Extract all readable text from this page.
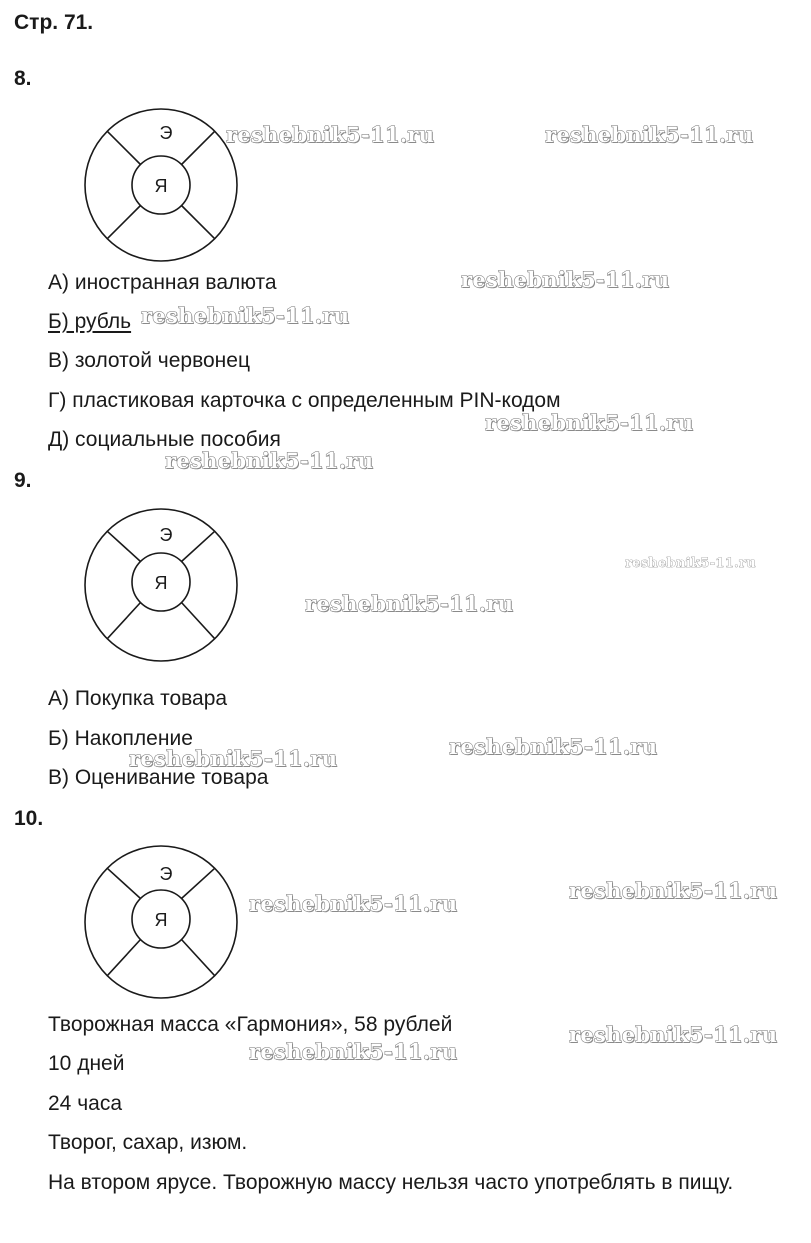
Стр. 71.
8.
Э
Я
А) иностранная валюта
Б) рубль
В) золотой червонец
Г) пластиковая карточка с определенным PIN-кодом
Д) социальные пособия
9.
Э
Я
А) Покупка товара
Б) Накопление
В) Оценивание товара
10.
Э
Я
Творожная масса «Гармония», 58 рублей
10 дней
24 часа
Творог, сахар, изюм.
На втором ярусе. Творожную массу нельзя часто употреблять в пищу.
reshebnik5-11.ru	reshebnik5-11.ru
reshebnik5-11.ru
reshebnik5-11.ru
reshebnik5-11.ru
reshebnik5-11.ru
reshebnik5-11.ru
reshebnik5-11.ru
reshebnik5-11.ru
reshebnik5-11.ru
reshebnik5-11.ru
reshebnik5-11.ru
reshebnik5-11.ru
reshebnik5-11.ru
